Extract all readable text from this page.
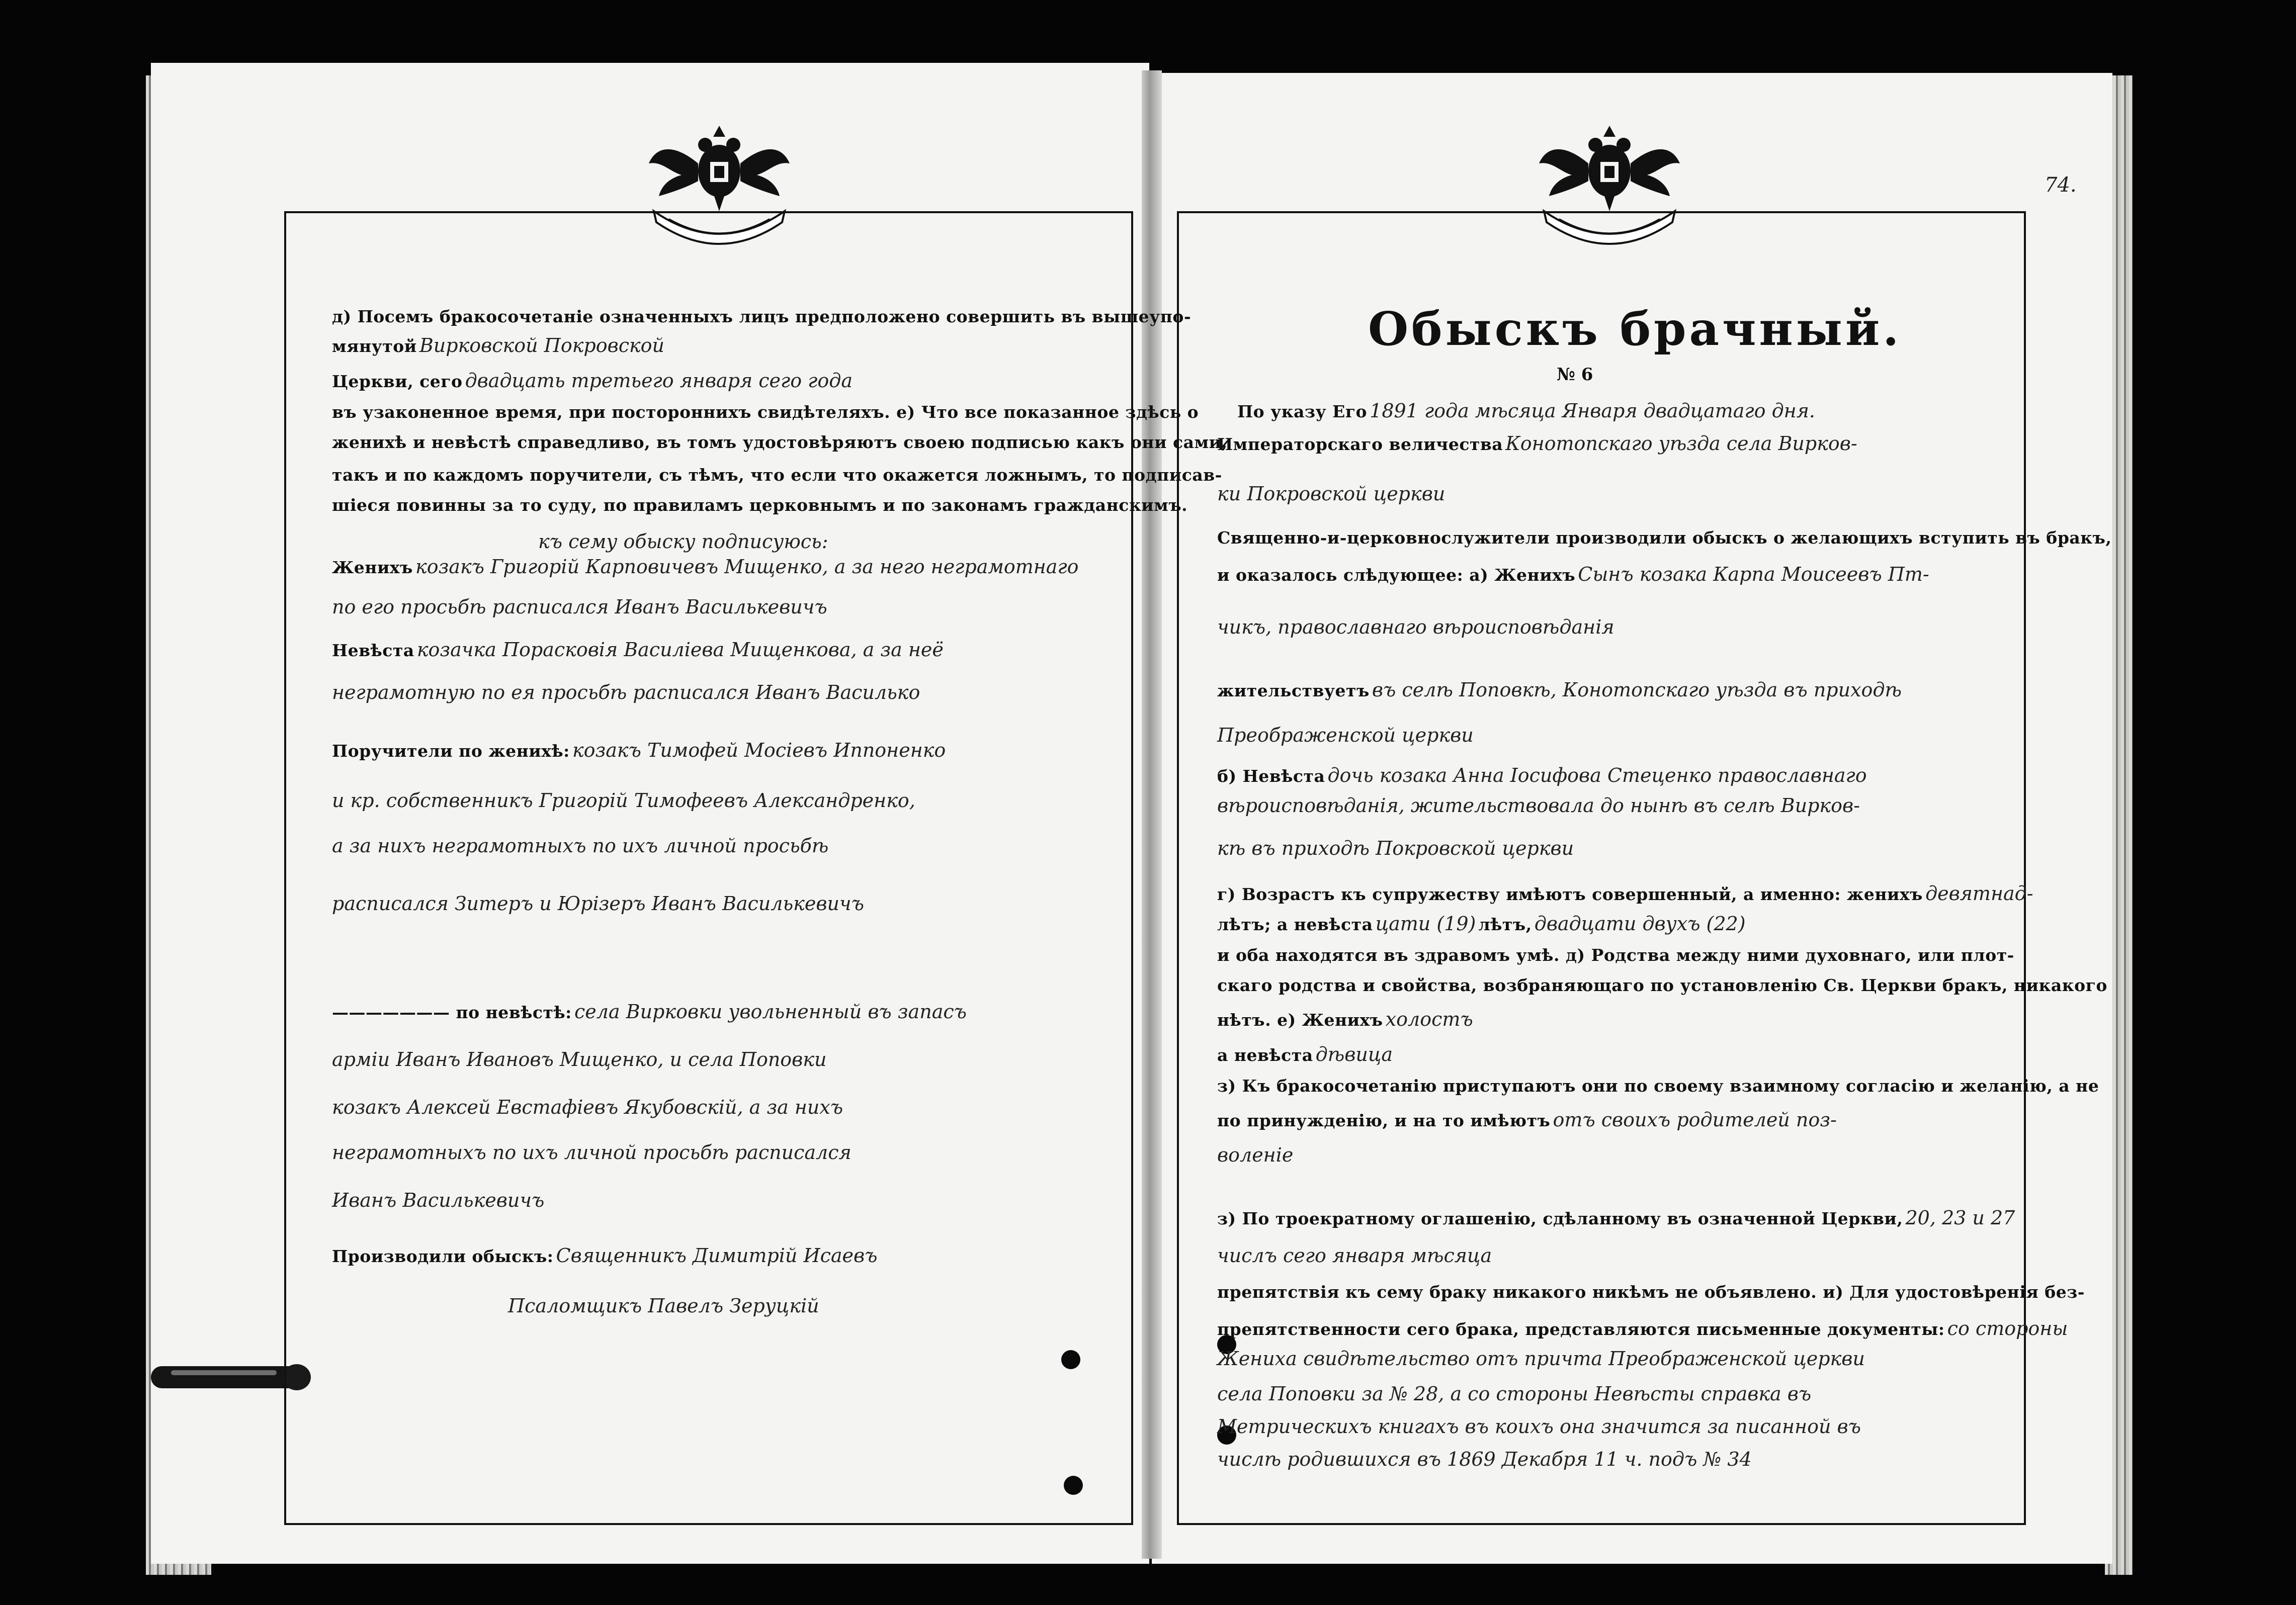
74.
Обыскъ брачный.
№ 6
д) Посемъ бракосочетанiе означенныхъ лицъ предположено совершить въ вышеупо-
мянутой Вирковской Покровской
Церкви, сего двадцать третьего января сего года
въ узаконенное время, при постороннихъ свидѣтеляхъ. е) Что все показанное здѣсь о
женихѣ и невѣстѣ справедливо, въ томъ удостовѣряютъ своею подписью какъ они сами,
такъ и по каждомъ поручители, съ тѣмъ, что если что окажется ложнымъ, то подписав-
шiеся повинны за то суду, по правиламъ церковнымъ и по законамъ гражданскимъ.
къ сему обыску подписуюсь:
Женихъ козакъ Григорiй Карповичевъ Мищенко, а за него неграмотнаго
по его просьбѣ расписался Иванъ Василькевичъ
Невѣста козачка Порасковiя Василiева Мищенкова, а за неё
неграмотную по ея просьбѣ расписался Иванъ Василько
Поручители по женихѣ: козакъ Тимофей Мосiевъ Иппоненко
и кр. собственникъ Григорiй Тимофеевъ Александренко,
а за нихъ неграмотныхъ по ихъ личной просьбѣ
расписался Зитеръ и Юрiзеръ Иванъ Василькевичъ
——————— по невѣстѣ: села Вирковки увольненный въ запасъ
армiи Иванъ Ивановъ Мищенко, и села Поповки
козакъ Алексей Евстафiевъ Якубовскiй, а за нихъ
неграмотныхъ по ихъ личной просьбѣ расписался
Иванъ Василькевичъ
Производили обыскъ: Священникъ Димитрiй Исаевъ
Псаломщикъ Павелъ Зеруцкiй
По указу Его 1891 года мѣсяца Января двадцатаго дня.
Императорскаго величества Конотопскаго уѣзда села Вирков-
ки Покровской церкви
Священно-и-церковнослужители производили обыскъ о желающихъ вступить въ бракъ,
и оказалось слѣдующее: а) Женихъ Сынъ козака Карпа Моисеевъ Пт-
чикъ, православнаго вѣроисповѣданiя
жительствуетъ въ селѣ Поповкѣ, Конотопскаго уѣзда въ приходѣ
Преображенской церкви
б) Невѣста дочь козака Анна Iосифова Стеценко православнаго
вѣроисповѣданiя, жительствовала до нынѣ въ селѣ Вирков-
кѣ въ приходѣ Покровской церкви
г) Возрастъ къ супружеству имѣютъ совершенный, а именно: женихъ девятнад-
лѣтъ; а невѣста цати (19) лѣтъ, двадцати двухъ (22)
и оба находятся въ здравомъ умѣ. д) Родства между ними духовнаго, или плот-
скаго родства и свойства, возбраняющаго по установленiю Св. Церкви бракъ, никакого
нѣтъ. е) Женихъ холостъ
а невѣста дѣвица
з) Къ бракосочетанiю приступаютъ они по своему взаимному согласiю и желанiю, а не
по принужденiю, и на то имѣютъ отъ своихъ родителей поз-
воленiе
з) По троекратному оглашенiю, сдѣланному въ означенной Церкви, 20, 23 и 27
числъ сего января мѣсяца
препятствiя къ сему браку никакого никѣмъ не объявлено. и) Для удостовѣренiя без-
препятственности сего брака, представляются письменные документы: со стороны
Жениха свидѣтельство отъ причта Преображенской церкви
села Поповки за № 28, а со стороны Невѣсты справка въ
Метрическихъ книгахъ въ коихъ она значится за писанной въ
числѣ родившихся въ 1869 Декабря 11 ч. подъ № 34
